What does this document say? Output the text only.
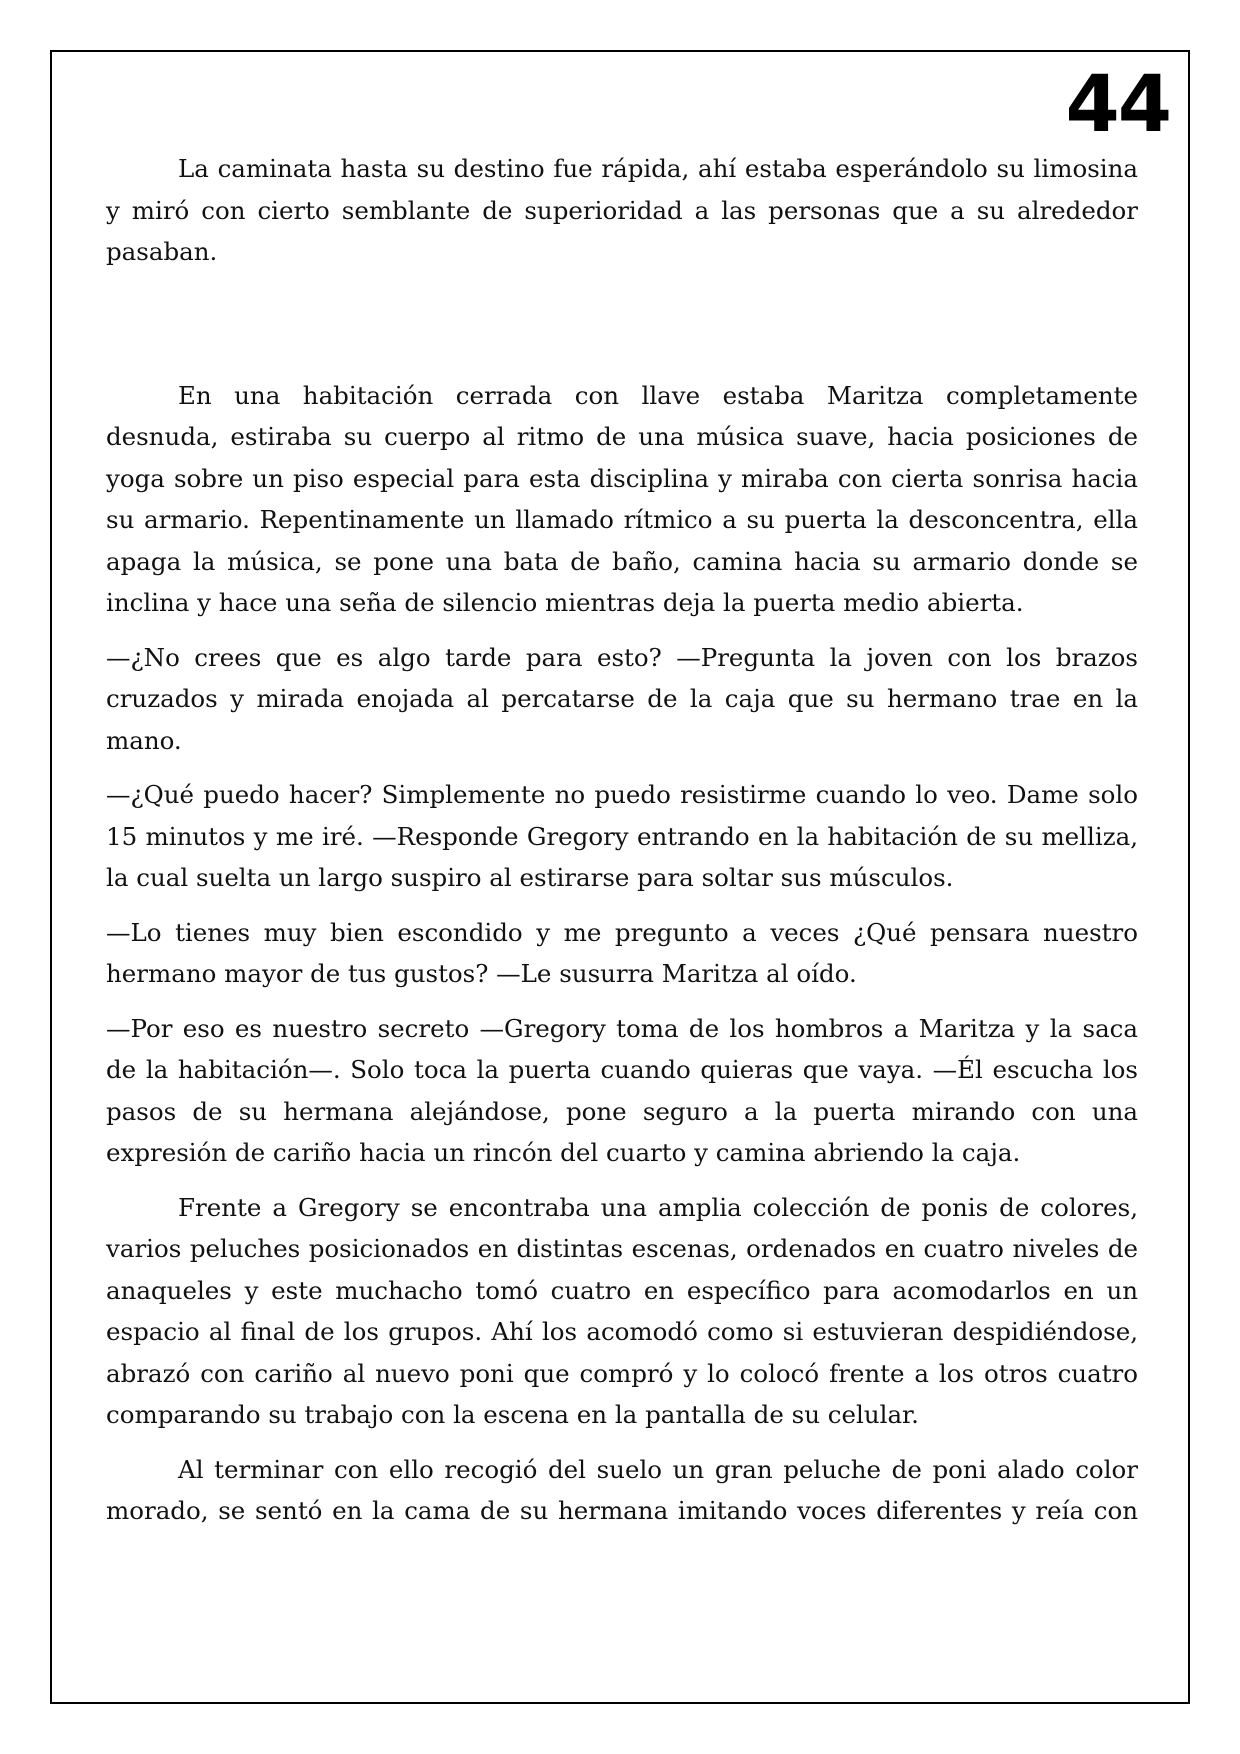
44

La caminata hasta su destino fue rápida, ahí estaba esperándolo su limosina y miró con cierto semblante de superioridad a las personas que a su alrededor pasaban.

En una habitación cerrada con llave estaba Maritza completamente desnuda, estiraba su cuerpo al ritmo de una música suave, hacia posiciones de yoga sobre un piso especial para esta disciplina y miraba con cierta sonrisa hacia su armario. Repentinamente un llamado rítmico a su puerta la desconcentra, ella apaga la música, se pone una bata de baño, camina hacia su armario donde se inclina y hace una seña de silencio mientras deja la puerta medio abierta.

—¿No crees que es algo tarde para esto? —Pregunta la joven con los brazos cruzados y mirada enojada al percatarse de la caja que su hermano trae en la mano.

—¿Qué puedo hacer? Simplemente no puedo resistirme cuando lo veo. Dame solo 15 minutos y me iré. —Responde Gregory entrando en la habitación de su melliza, la cual suelta un largo suspiro al estirarse para soltar sus músculos.

—Lo tienes muy bien escondido y me pregunto a veces ¿Qué pensara nuestro hermano mayor de tus gustos? —Le susurra Maritza al oído.

—Por eso es nuestro secreto —Gregory toma de los hombros a Maritza y la saca de la habitación—. Solo toca la puerta cuando quieras que vaya. —Él escucha los pasos de su hermana alejándose, pone seguro a la puerta mirando con una expresión de cariño hacia un rincón del cuarto y camina abriendo la caja.

Frente a Gregory se encontraba una amplia colección de ponis de colores, varios peluches posicionados en distintas escenas, ordenados en cuatro niveles de anaqueles y este muchacho tomó cuatro en específico para acomodarlos en un espacio al final de los grupos. Ahí los acomodó como si estuvieran despidiéndose, abrazó con cariño al nuevo poni que compró y lo colocó frente a los otros cuatro comparando su trabajo con la escena en la pantalla de su celular.

Al terminar con ello recogió del suelo un gran peluche de poni alado color morado, se sentó en la cama de su hermana imitando voces diferentes y reía con
